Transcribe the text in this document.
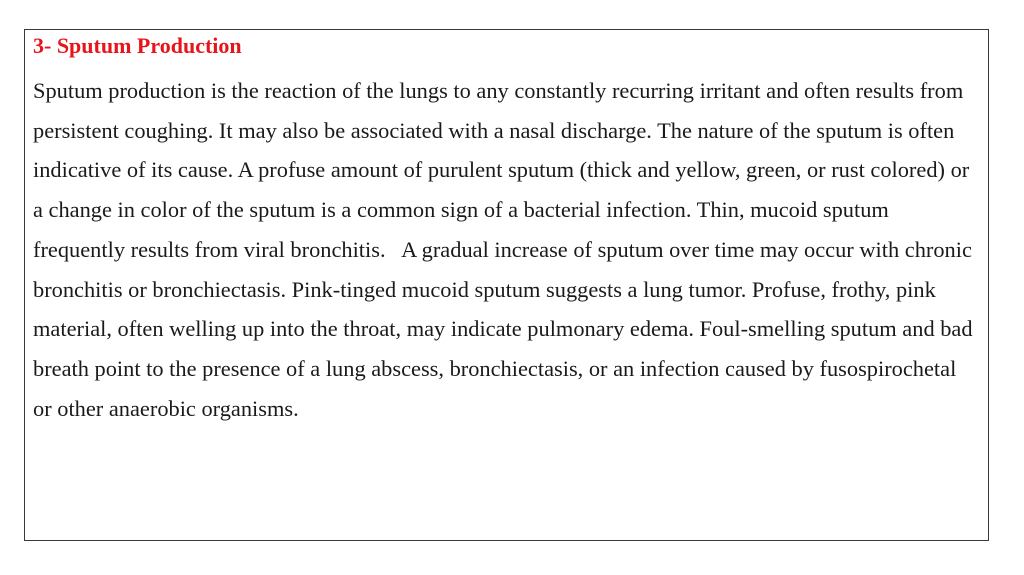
3- Sputum Production
Sputum production is the reaction of the lungs to any constantly recurring irritant and often results from persistent coughing. It may also be associated with a nasal discharge. The nature of the sputum is often indicative of its cause. A profuse amount of purulent sputum (thick and yellow, green, or rust colored) or a change in color of the sputum is a common sign of a bacterial infection. Thin, mucoid sputum frequently results from viral bronchitis.   A gradual increase of sputum over time may occur with chronic bronchitis or bronchiectasis. Pink-tinged mucoid sputum suggests a lung tumor. Profuse, frothy, pink material, often welling up into the throat, may indicate pulmonary edema. Foul-smelling sputum and bad breath point to the presence of a lung abscess, bronchiectasis, or an infection caused by fusospirochetal or other anaerobic organisms.
